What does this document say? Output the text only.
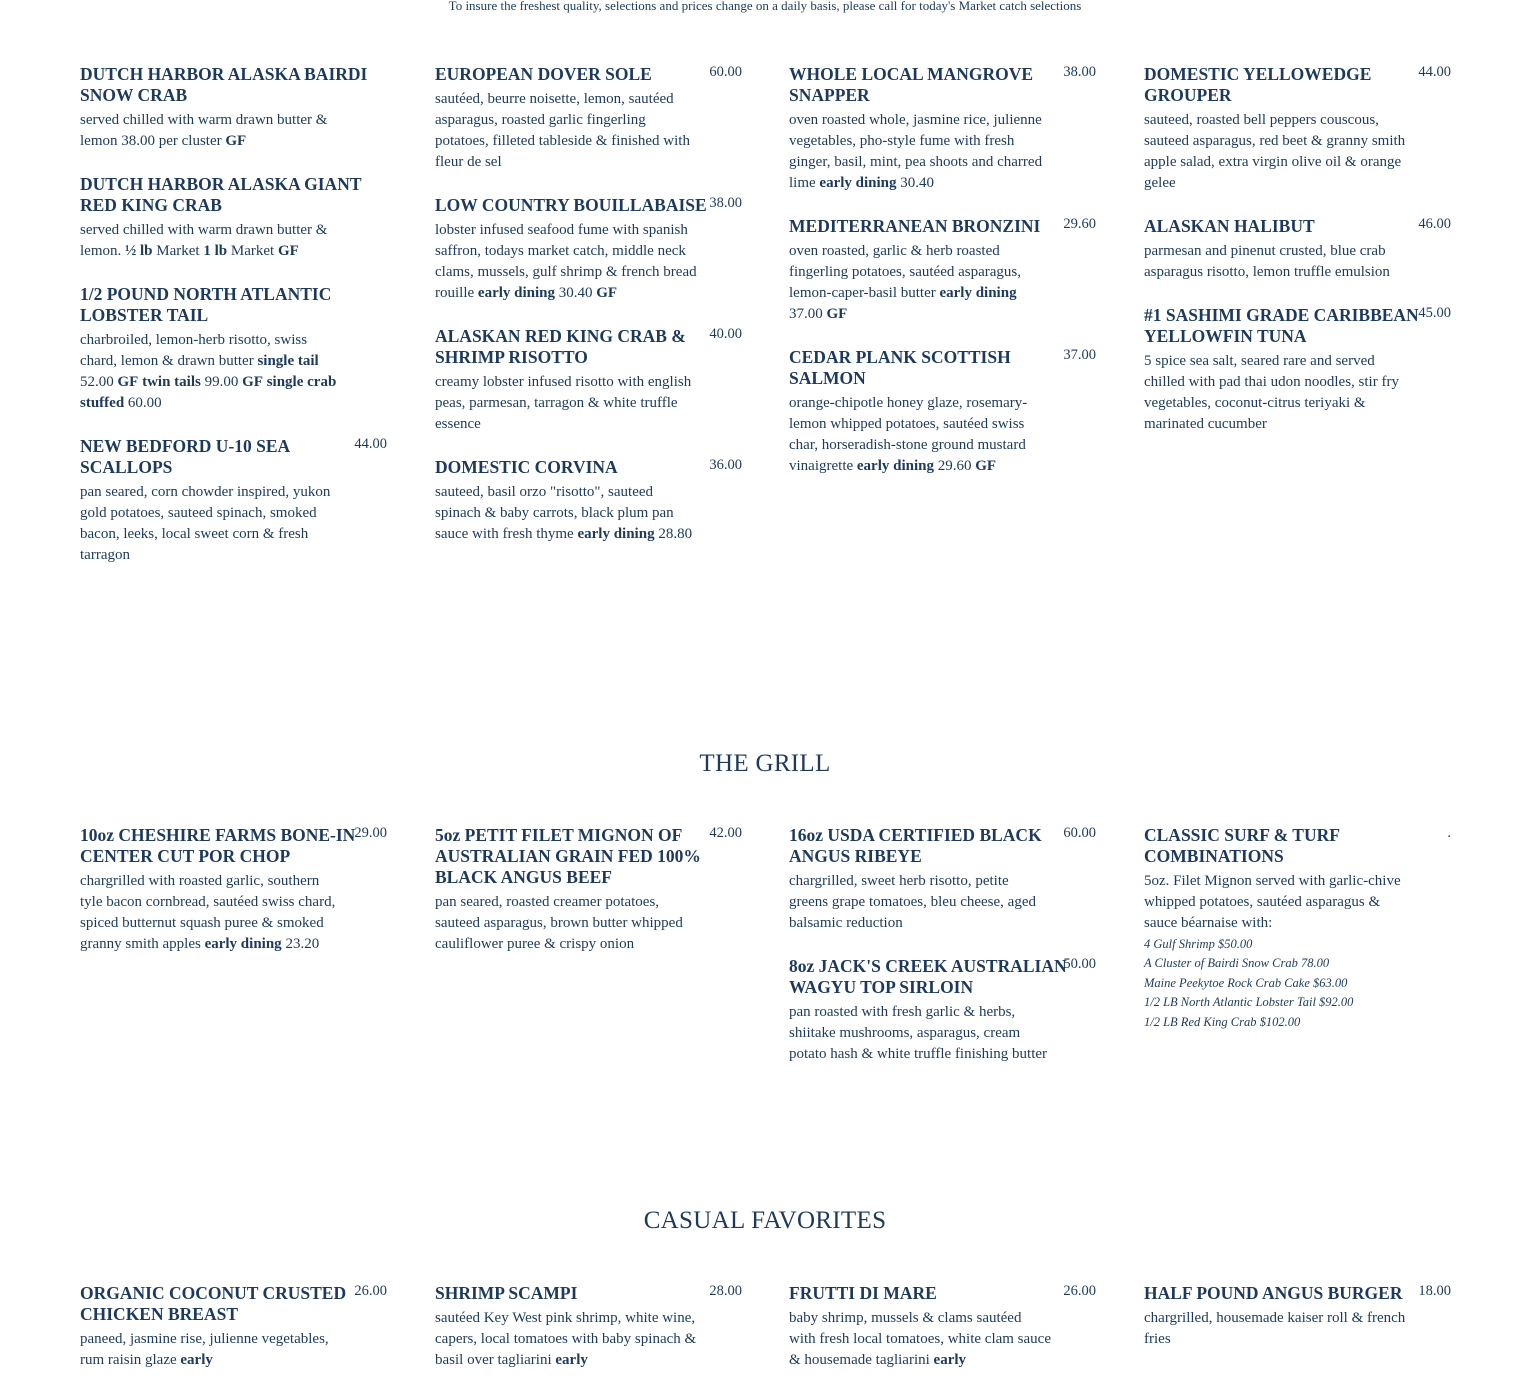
To insure the freshest quality, selections and prices change on a daily basis, please call for today's Market catch selections
DUTCH HARBOR ALASKA BAIRDI SNOW CRAB
served chilled with warm drawn butter & lemon 38.00 per cluster GF
DUTCH HARBOR ALASKA GIANT RED KING CRAB
served chilled with warm drawn butter & lemon. ½ lb Market 1 lb Market GF
1/2 POUND NORTH ATLANTIC LOBSTER TAIL
charbroiled, lemon-herb risotto, swiss chard, lemon & drawn butter single tail 52.00 GF twin tails 99.00 GF single crab stuffed 60.00
NEW BEDFORD U-10 SEA SCALLOPS
44.00
pan seared, corn chowder inspired, yukon gold potatoes, sauteed spinach, smoked bacon, leeks, local sweet corn & fresh tarragon
EUROPEAN DOVER SOLE	60.00
sautéed, beurre noisette, lemon, sautéed asparagus, roasted garlic fingerling potatoes, filleted tableside & finished with fleur de sel
LOW COUNTRY BOUILLABAISE 38.00
lobster infused seafood fume with spanish saffron, todays market catch, middle neck clams, mussels, gulf shrimp & french bread rouille early dining 30.40 GF
ALASKAN RED KING CRAB & SHRIMP RISOTTO
40.00
creamy lobster infused risotto with english peas, parmesan, tarragon & white truffle essence
DOMESTIC CORVINA	36.00
sauteed, basil orzo "risotto", sauteed spinach & baby carrots, black plum pan sauce with fresh thyme early dining 28.80
WHOLE LOCAL MANGROVE SNAPPER
38.00
oven roasted whole, jasmine rice, julienne vegetables, pho-style fume with fresh ginger, basil, mint, pea shoots and charred lime early dining 30.40
MEDITERRANEAN BRONZINI	29.60
oven roasted, garlic & herb roasted fingerling potatoes, sautéed asparagus, lemon-caper-basil butter early dining 37.00 GF
CEDAR PLANK SCOTTISH SALMON
37.00
orange-chipotle honey glaze, rosemary-lemon whipped potatoes, sautéed swiss char, horseradish-stone ground mustard vinaigrette early dining 29.60 GF
DOMESTIC YELLOWEDGE GROUPER
44.00
sauteed, roasted bell peppers couscous, sauteed asparagus, red beet & granny smith apple salad, extra virgin olive oil & orange gelee
ALASKAN HALIBUT	46.00
parmesan and pinenut crusted, blue crab asparagus risotto, lemon truffle emulsion
#1 SASHIMI GRADE CARIBBEAN YELLOWFIN TUNA
45.00
5 spice sea salt, seared rare and served chilled with pad thai udon noodles, stir fry vegetables, coconut-citrus teriyaki & marinated cucumber
THE GRILL
10oz CHESHIRE FARMS BONE-IN CENTER CUT POR CHOP
29.00
chargrilled with roasted garlic, southern tyle bacon cornbread, sautéed swiss chard, spiced butternut squash puree & smoked granny smith apples early dining 23.20
5oz PETIT FILET MIGNON OF AUSTRALIAN GRAIN FED 100% BLACK ANGUS BEEF
42.00
pan seared, roasted creamer potatoes, sauteed asparagus, brown butter whipped cauliflower puree & crispy onion
16oz USDA CERTIFIED BLACK ANGUS RIBEYE
60.00
chargrilled, sweet herb risotto, petite greens grape tomatoes, bleu cheese, aged balsamic reduction
8oz JACK'S CREEK AUSTRALIAN WAGYU TOP SIRLOIN
50.00
pan roasted with fresh garlic & herbs, shiitake mushrooms, asparagus, cream potato hash & white truffle finishing butter
CLASSIC SURF & TURF COMBINATIONS
.
5oz. Filet Mignon served with garlic-chive whipped potatoes, sautéed asparagus & sauce béarnaise with:
4 Gulf Shrimp $50.00
A Cluster of Bairdi Snow Crab 78.00
Maine Peekytoe Rock Crab Cake $63.00
1/2 LB North Atlantic Lobster Tail $92.00
1/2 LB Red King Crab $102.00
CASUAL FAVORITES
ORGANIC COCONUT CRUSTED CHICKEN BREAST
26.00
paneed, jasmine rise, julienne vegetables, rum raisin glaze early
SHRIMP SCAMPI	28.00
sautéed Key West pink shrimp, white wine, capers, local tomatoes with baby spinach & basil over tagliarini early
FRUTTI DI MARE	26.00
baby shrimp, mussels & clams sautéed with fresh local tomatoes, white clam sauce & housemade tagliarini early
HALF POUND ANGUS BURGER	18.00
chargrilled, housemade kaiser roll & french fries
